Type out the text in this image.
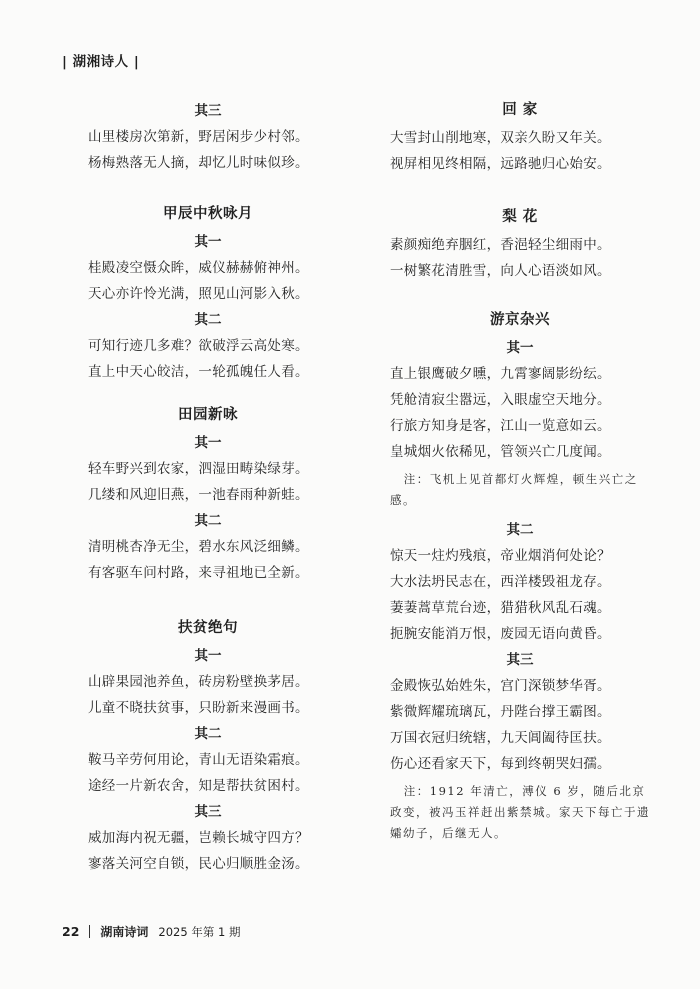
| 湖湘诗人 |
其三
山里楼房次第新，野居闲步少村邻。
杨梅熟落无人摘，却忆儿时味似珍。
甲辰中秋咏月
其一
桂殿凌空慑众眸，威仪赫赫俯神州。
天心亦许怜光满，照见山河影入秋。
其二
可知行迹几多难？欲破浮云高处寒。
直上中天心皎洁，一轮孤魄任人看。
田园新咏
其一
轻车野兴到农家，泗湿田畴染绿芽。
几缕和风迎旧燕，一池春雨种新蛙。
其二
清明桃杏净无尘，碧水东风泛细鳞。
有客驱车问村路，来寻祖地已全新。
扶贫绝句
其一
山辟果园池养鱼，砖房粉壁换茅居。
儿童不晓扶贫事，只盼新来漫画书。
其二
鞍马辛劳何用论，青山无语染霜痕。
途经一片新农舍，知是帮扶贫困村。
其三
威加海内祝无疆，岂赖长城守四方？
寥落关河空自锁，民心归顺胜金汤。
回 家
大雪封山削地寒，双亲久盼又年关。
视屏相见终相隔，远路驰归心始安。
梨 花
素颜痴绝弃胭红，香浥轻尘细雨中。
一树繁花清胜雪，向人心语淡如风。
游京杂兴
其一
直上银鹰破夕曛，九霄寥阔影纷纭。
凭舱清寂尘嚣远，入眼虚空天地分。
行旅方知身是客，江山一览意如云。
皇城烟火依稀见，管领兴亡几度闻。
注：飞机上见首都灯火辉煌，顿生兴亡之感。
其二
惊天一炷灼残痕，帝业烟消何处论？
大水法坍民志在，西洋楼毁祖龙存。
萋萋蒿草荒台迹，猎猎秋风乱石魂。
扼腕安能消万恨，废园无语向黄昏。
其三
金殿恢弘始姓朱，宫门深锁梦华胥。
紫微辉耀琉璃瓦，丹陛台撑王霸图。
万国衣冠归统辖，九天阊阖待匡扶。
伤心还看家天下，每到终朝哭妇孺。
注：1912 年清亡，溥仪 6 岁，随后北京政变，被冯玉祥赶出紫禁城。家天下每亡于遗孀幼子，后继无人。
22 湖南诗词 2025 年第 1 期
